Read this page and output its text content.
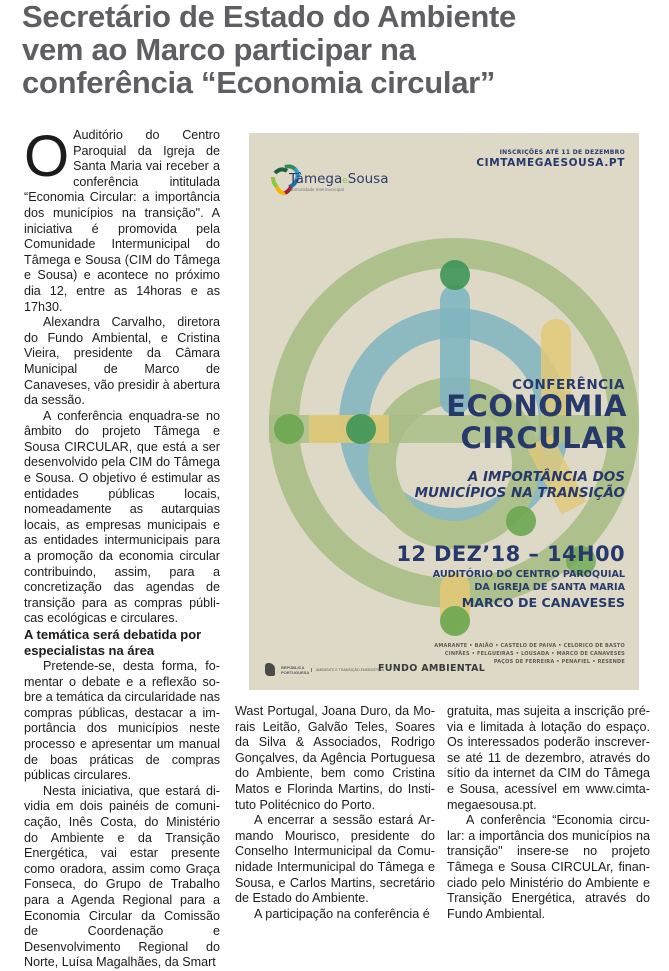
Secretário de Estado do Ambiente
vem ao Marco participar na
conferência “Economia circular”

O Auditório do Centro Paroquial da Igreja de Santa Maria vai receber a conferência intitulada “Economia Circular: a importância dos municípios na transição". A iniciativa é promovida pela Comunidade Intermunicipal do Tâmega e Sousa (CIM do Tâmega e Sousa) e acontece no próximo dia 12, entre as 14horas e as 17h30.

Alexandra Carvalho, diretora do Fundo Ambiental, e Cristina Vieira, presidente da Câmara Municipal de Marco de Canaveses, vão presidir à abertura da sessão.

A conferência enquadra-se no âmbito do projeto Tâmega e Sousa CIRCULAR, que está a ser desenvolvido pela CIM do Tâmega e Sousa. O objetivo é estimular as entidades públicas locais, nomeadamente as autarquias locais, as empresas municipais e as entidades intermunicipais para a promoção da economia circular contribuindo, assim, para a concretização das agendas de transição para as compras públicas ecológicas e circulares.

A temática será debatida por especialistas na área

Pretende-se, desta forma, fomentar o debate e a reflexão sobre a temática da circularidade nas compras públicas, destacar a importância dos municípios neste processo e apresentar um manual de boas práticas de compras públicas circulares.

Nesta iniciativa, que estará dividia em dois painéis de comunicação, Inês Costa, do Ministério do Ambiente e da Transição Energética, vai estar presente como oradora, assim como Graça Fonseca, do Grupo de Trabalho para a Agenda Regional para a Economia Circular da Comissão de Coordenação e Desenvolvimento Regional do Norte, Luísa Magalhães, da Smart

Wast Portugal, Joana Duro, da Morais Leitão, Galvão Teles, Soares da Silva & Associados, Rodrigo Gonçalves, da Agência Portuguesa do Ambiente, bem como Cristina Matos e Florinda Martins, do Instituto Politécnico do Porto.

A encerrar a sessão estará Armando Mourisco, presidente do Conselho Intermunicipal da Comunidade Intermunicipal do Tâmega e Sousa, e Carlos Martins, secretário de Estado do Ambiente.

A participação na conferência é

gratuita, mas sujeita a inscrição prévia e limitada à lotação do espaço. Os interessados poderão inscrever-se até 11 de dezembro, através do sítio da internet da CIM do Tâmega e Sousa, acessível em www.cimtamegaesousa.pt.

A conferência “Economia circular: a importância dos municípios na transição" insere-se no projeto Tâmega e Sousa CIRCULAr, financiado pelo Ministério do Ambiente e Transição Energética, através do Fundo Ambiental.

TâmegaeSousa
Comunidade Intermunicipal
INSCRIÇÕES ATÉ 11 DE DEZEMBRO
CIMTAMEGAESOUSA.PT
CONFERÊNCIA
ECONOMIA
CIRCULAR
A IMPORTÂNCIA DOS
MUNICÍPIOS NA TRANSIÇÃO
12 DEZ’18 – 14H00
AUDITÓRIO DO CENTRO PAROQUIAL
DA IGREJA DE SANTA MARIA
MARCO DE CANAVESES
AMARANTE • BAIÃO • CASTELO DE PAIVA • CELORICO DE BASTO
CINFÃES • FELGUEIRAS • LOUSADA • MARCO DE CANAVESES
PAÇOS DE FERREIRA • PENAFIEL • RESENDE
REPÚBLICA PORTUGUESA	AMBIENTE E TRANSIÇÃO ENERGÉTICA
FUNDO AMBIENTAL
